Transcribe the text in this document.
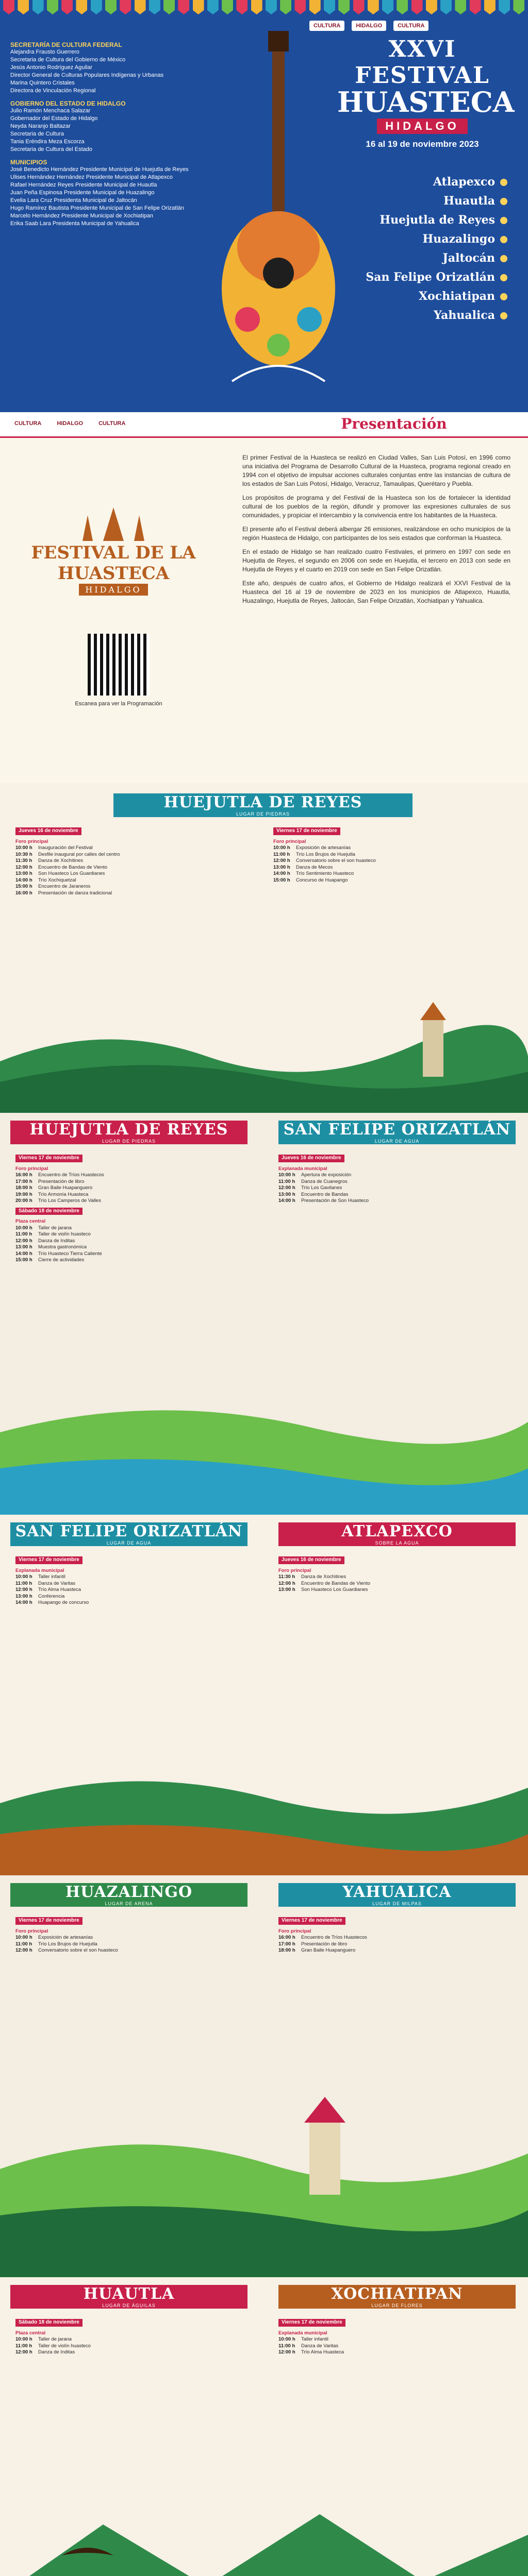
CULTURA	HIDALGO	CULTURA
SECRETARÍA DE CULTURA FEDERAL

Alejandra Frausto Guerrero

Secretaria de Cultura del Gobierno de México

Jesús Antonio Rodríguez Aguilar

Director General de Culturas Populares Indígenas y Urbanas

Marina Quintero Cristales

Directora de Vinculación Regional

GOBIERNO DEL ESTADO DE HIDALGO

Julio Ramón Menchaca Salazar

Gobernador del Estado de Hidalgo

Neyda Naranjo Baltazar

Secretaria de Cultura

Tania Eréndira Meza Escorza

Secretaria de Cultura del Estado

MUNICIPIOS

José Benedicto Hernández Presidente Municipal de Huejutla de Reyes

Ulises Hernández Hernández Presidente Municipal de Atlapexco

Rafael Hernández Reyes Presidente Municipal de Huautla

Juan Peña Espinosa Presidente Municipal de Huazalingo

Evelia Lara Cruz Presidenta Municipal de Jaltocán

Hugo Ramírez Bautista Presidente Municipal de San Felipe Orizatlán

Marcelo Hernández Presidente Municipal de Xochiatipan

Erika Saab Lara Presidenta Municipal de Yahualica

XXVI
FESTIVAL
HUASTECA
HIDALGO
16 al 19 de noviembre 2023
Atlapexco
Huautla
Huejutla de Reyes
Huazalingo
Jaltocán
San Felipe Orizatlán
Xochiatipan
Yahualica
CULTURA	HIDALGO	CULTURA	Presentación
FESTIVAL DE LA HUASTECA
HIDALGO
Escanea para ver la Programación

El primer Festival de la Huasteca se realizó en Ciudad Valles, San Luis Potosí, en 1996 como una iniciativa del Programa de Desarrollo Cultural de la Huasteca, programa regional creado en 1994 con el objetivo de impulsar acciones culturales conjuntas entre las instancias de cultura de los estados de San Luis Potosí, Hidalgo, Veracruz, Tamaulipas, Querétaro y Puebla.

Los propósitos de programa y del Festival de la Huasteca son los de fortalecer la identidad cultural de los pueblos de la región, difundir y promover las expresiones culturales de sus comunidades, y propiciar el intercambio y la convivencia entre los habitantes de la Huasteca.

El presente año el Festival deberá albergar 26 emisiones, realizándose en ocho municipios de la región Huasteca de Hidalgo, con participantes de los seis estados que conforman la Huasteca.

En el estado de Hidalgo se han realizado cuatro Festivales, el primero en 1997 con sede en Huejutla de Reyes, el segundo en 2006 con sede en Huejutla, el tercero en 2013 con sede en Huejutla de Reyes y el cuarto en 2019 con sede en San Felipe Orizatlán.

Este año, después de cuatro años, el Gobierno de Hidalgo realizará el XXVI Festival de la Huasteca del 16 al 19 de noviembre de 2023 en los municipios de Atlapexco, Huautla, Huazalingo, Huejutla de Reyes, Jaltocán, San Felipe Orizatlán, Xochiatipan y Yahualica.

HUEJUTLA DE REYES
LUGAR DE PIEDRAS
Jueves 16 de noviembre
Foro principal
10:00 h	Inauguración del Festival
10:30 h	Desfile inaugural por calles del centro
11:30 h	Danza de Xochitines
12:00 h	Encuentro de Bandas de Viento
13:00 h	Son Huasteco Los Guardianes
14:00 h	Trío Xochiquetzal
15:00 h	Encuentro de Jaraneros
16:00 h	Presentación de danza tradicional
Viernes 17 de noviembre
Foro principal
10:00 h	Exposición de artesanías
11:00 h	Trío Los Brujos de Huejutla
12:00 h	Conversatorio sobre el son huasteco
13:00 h	Danza de Mecos
14:00 h	Trío Sentimiento Huasteco
15:00 h	Concurso de Huapango
HUEJUTLA DE REYES
LUGAR DE PIEDRAS
SAN FELIPE ORIZATLÁN
LUGAR DE AGUA
Viernes 17 de noviembre
Foro principal
16:00 h	Encuentro de Tríos Huastecos
17:00 h	Presentación de libro
18:00 h	Gran Baile Huapanguero
19:00 h	Trío Armonía Huasteca
20:00 h	Trío Los Camperos de Valles
Sábado 18 de noviembre
Plaza central
10:00 h	Taller de jarana
11:00 h	Taller de violín huasteco
12:00 h	Danza de Inditas
13:00 h	Muestra gastronómica
14:00 h	Trío Huasteco Tierra Caliente
15:00 h	Cierre de actividades
Jueves 16 de noviembre
Explanada municipal
10:00 h	Apertura de exposición
11:00 h	Danza de Cuanegros
12:00 h	Trío Los Gavilanes
13:00 h	Encuentro de Bandas
14:00 h	Presentación de Son Huasteco
SAN FELIPE ORIZATLÁN
LUGAR DE AGUA
ATLAPEXCO
SOBRE LA AGUA
Viernes 17 de noviembre
Explanada municipal
10:00 h	Taller infantil
11:00 h	Danza de Varitas
12:00 h	Trío Alma Huasteca
13:00 h	Conferencia
14:00 h	Huapango de concurso
Jueves 16 de noviembre
Foro principal
11:30 h	Danza de Xochitines
12:00 h	Encuentro de Bandas de Viento
13:00 h	Son Huasteco Los Guardianes
HUAZALINGO
LUGAR DE ARENA
YAHUALICA
LUGAR DE MILPAS
Viernes 17 de noviembre
Foro principal
10:00 h	Exposición de artesanías
11:00 h	Trío Los Brujos de Huejutla
12:00 h	Conversatorio sobre el son huasteco
Viernes 17 de noviembre
Foro principal
16:00 h	Encuentro de Tríos Huastecos
17:00 h	Presentación de libro
18:00 h	Gran Baile Huapanguero
HUAUTLA
LUGAR DE ÁGUILAS
XOCHIATIPAN
LUGAR DE FLORES
Sábado 18 de noviembre
Plaza central
10:00 h	Taller de jarana
11:00 h	Taller de violín huasteco
12:00 h	Danza de Inditas
Viernes 17 de noviembre
Explanada municipal
10:00 h	Taller infantil
11:00 h	Danza de Varitas
12:00 h	Trío Alma Huasteca
